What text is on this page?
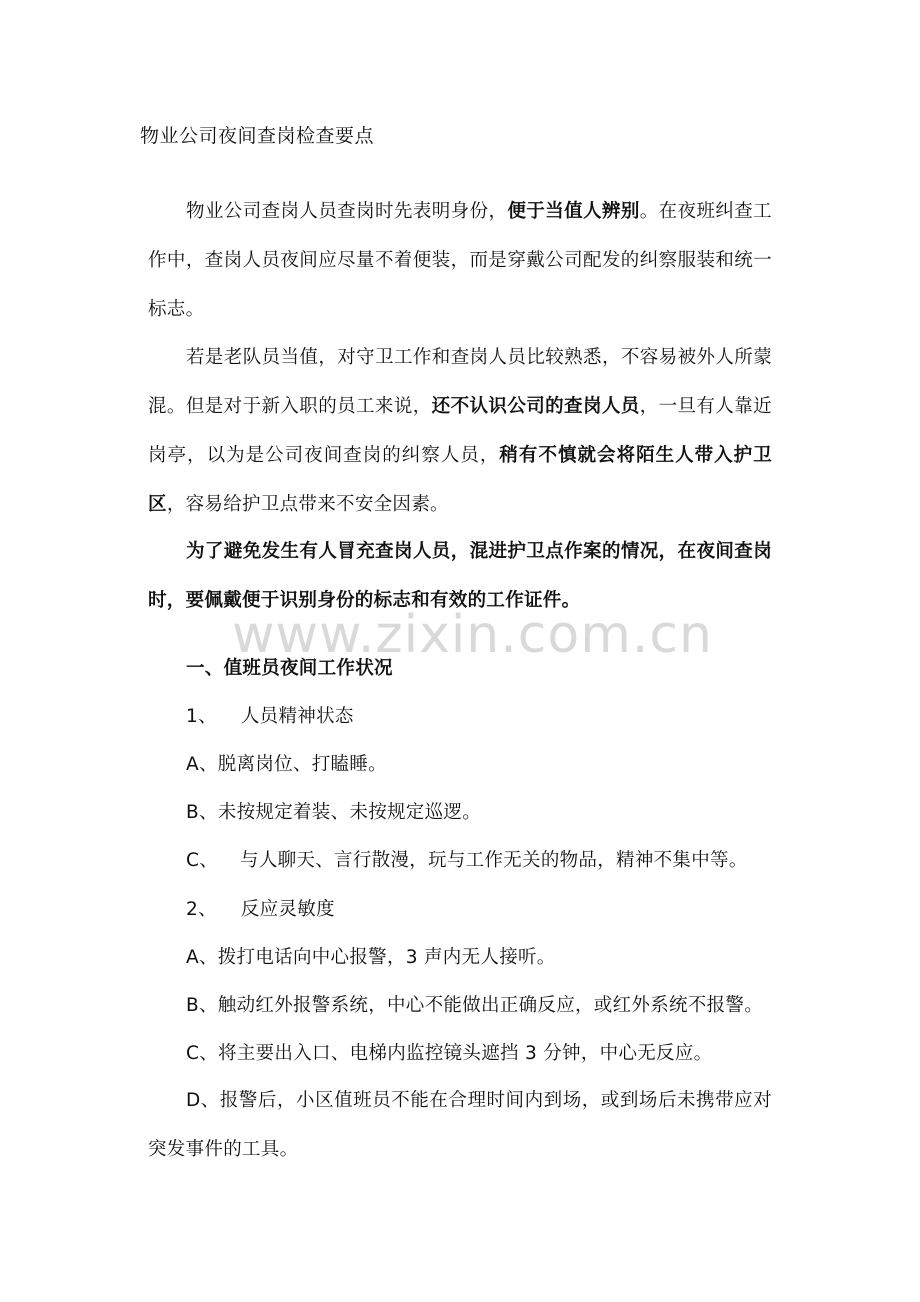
物业公司夜间查岗检查要点
物业公司查岗人员查岗时先表明身份，便于当值人辨别。在夜班纠查工作中，查岗人员夜间应尽量不着便装，而是穿戴公司配发的纠察服装和统一标志。
若是老队员当值，对守卫工作和查岗人员比较熟悉，不容易被外人所蒙混。但是对于新入职的员工来说，还不认识公司的查岗人员，一旦有人靠近岗亭，以为是公司夜间查岗的纠察人员，稍有不慎就会将陌生人带入护卫区，容易给护卫点带来不安全因素。
为了避免发生有人冒充查岗人员，混进护卫点作案的情况，在夜间查岗时，要佩戴便于识别身份的标志和有效的工作证件。
www.zixin.com.cn
一、值班员夜间工作状况
1、 人员精神状态
A、脱离岗位、打瞌睡。
B、未按规定着装、未按规定巡逻。
C、 与人聊天、言行散漫，玩与工作无关的物品，精神不集中等。
2、 反应灵敏度
A、拨打电话向中心报警，3 声内无人接听。
B、触动红外报警系统，中心不能做出正确反应，或红外系统不报警。
C、将主要出入口、电梯内监控镜头遮挡 3 分钟，中心无反应。
D、报警后，小区值班员不能在合理时间内到场，或到场后未携带应对突发事件的工具。
